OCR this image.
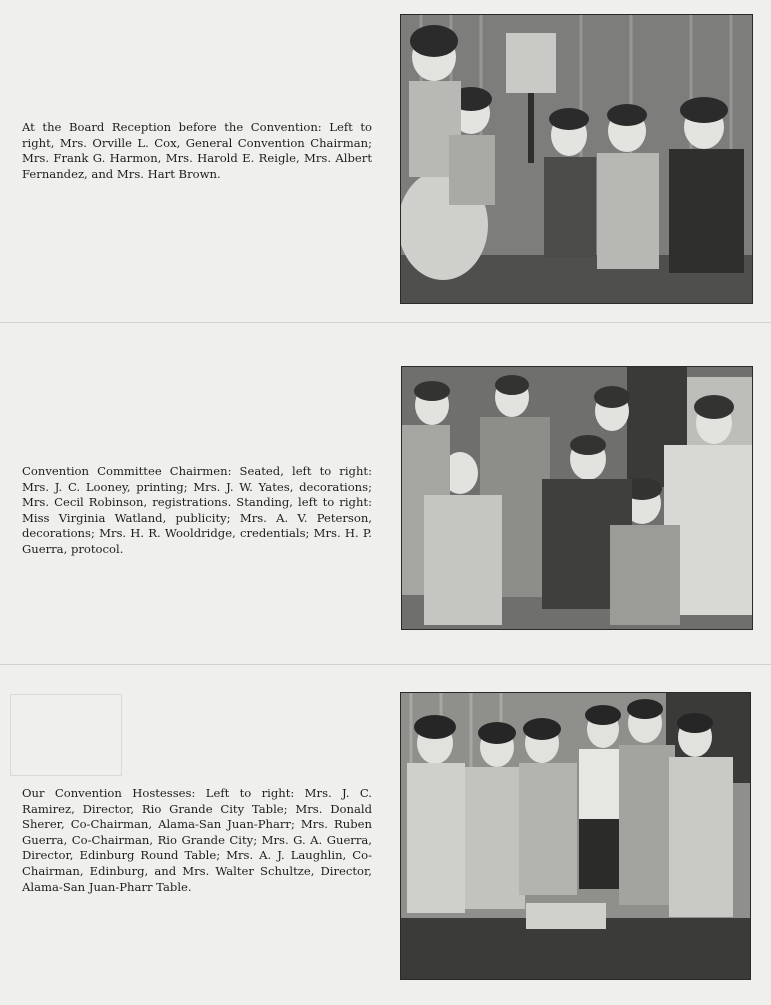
At the Board Reception before the Convention: Left to right, Mrs. Orville L. Cox, General Convention Chairman; Mrs. Frank G. Harmon, Mrs. Harold E. Reigle, Mrs. Albert Fernandez, and Mrs. Hart Brown.

Convention Committee Chairmen: Seated, left to right: Mrs. J. C. Looney, printing; Mrs. J. W. Yates, decorations; Mrs. Cecil Robinson, registrations. Standing, left to right: Miss Virginia Watland, publicity; Mrs. A. V. Peterson, decorations; Mrs. H. R. Wooldridge, credentials; Mrs. H. P. Guerra, protocol.

Our Convention Hostesses: Left to right: Mrs. J. C. Ramirez, Director, Rio Grande City Table; Mrs. Donald Sherer, Co-Chairman, Alama-San Juan-Pharr; Mrs. Ruben Guerra, Co-Chairman, Rio Grande City; Mrs. G. A. Guerra, Director, Edinburg Round Table; Mrs. A. J. Laughlin, Co-Chairman, Edinburg, and Mrs. Walter Schultze, Director, Alama-San Juan-Pharr Table.
